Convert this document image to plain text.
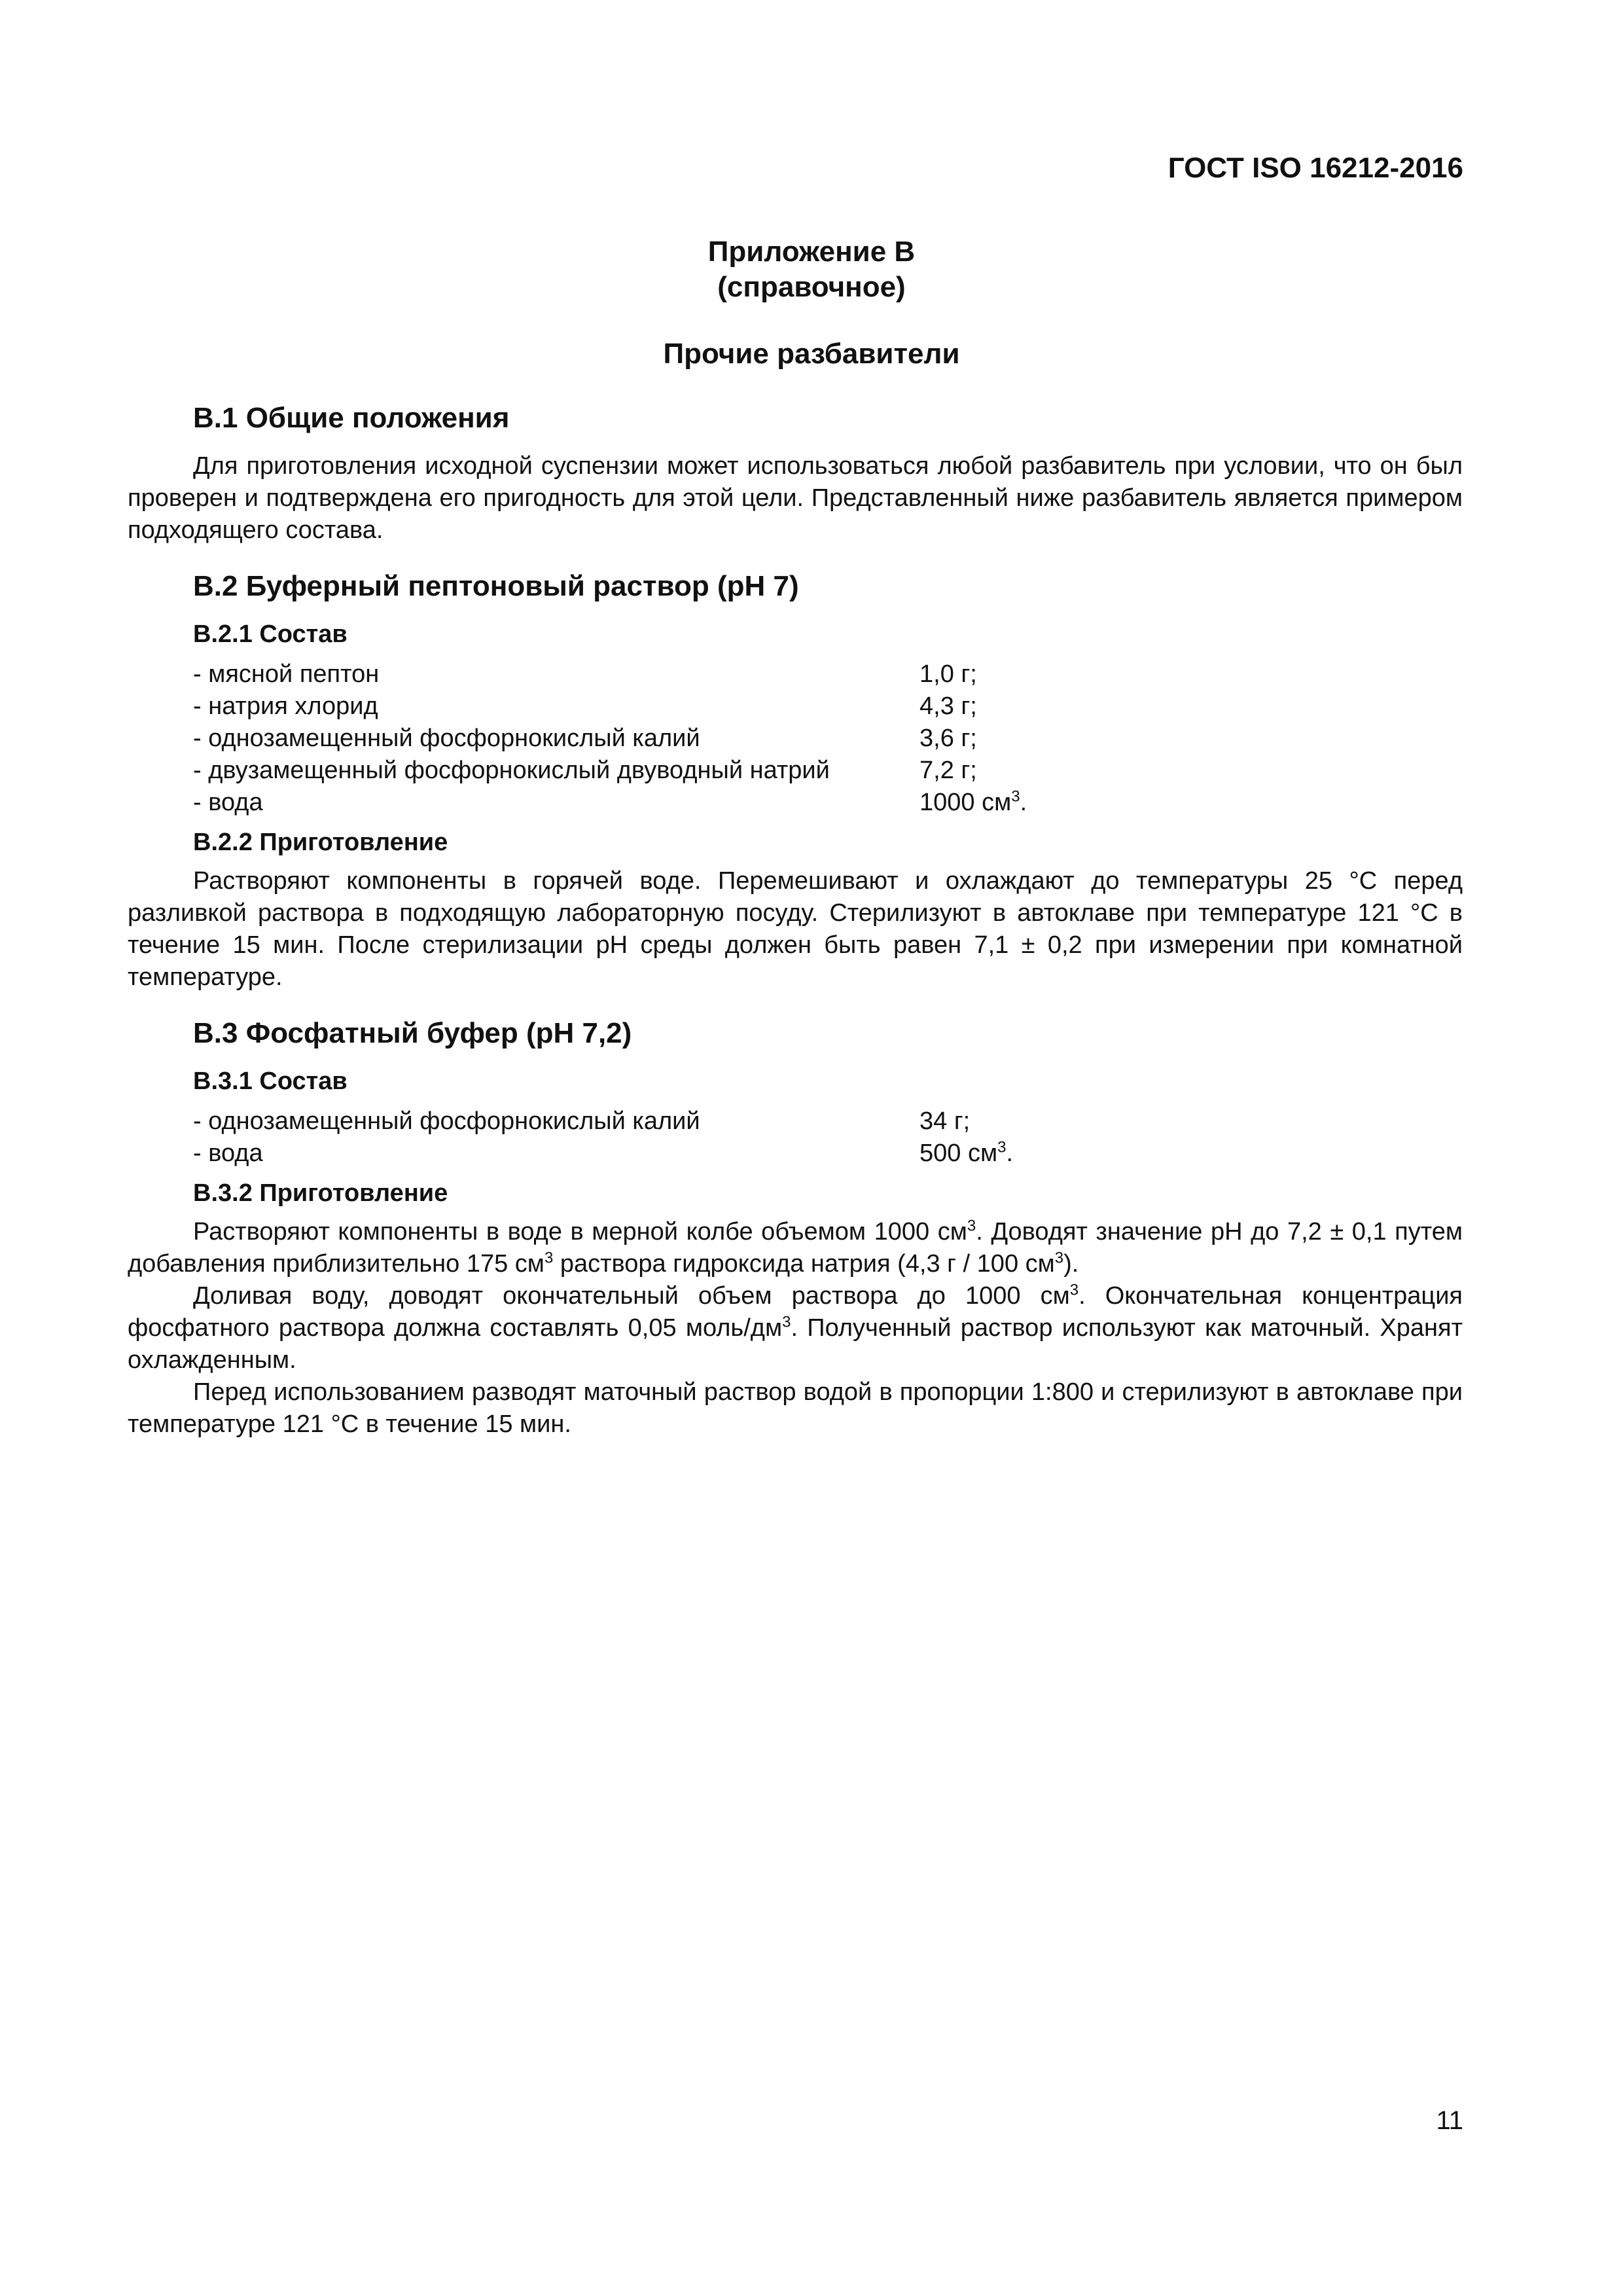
ГОСТ ISO 16212-2016
Приложение В
(справочное)
Прочие разбавители
В.1 Общие положения

Для приготовления исходной суспензии может использоваться любой разбавитель при условии, что он был проверен и подтверждена его пригодность для этой цели. Представленный ниже разбавитель является примером подходящего состава.

В.2 Буферный пептоновый раствор (рН 7)
В.2.1 Состав
- мясной пептон	1,0 г;
- натрия хлорид	4,3 г;
- однозамещенный фосфорнокислый калий	3,6 г;
- двузамещенный фосфорнокислый двуводный натрий	7,2 г;
- вода	1000 $см^3$.
В.2.2 Приготовление

Растворяют компоненты в горячей воде. Перемешивают и охлаждают до температуры 25 °С перед разливкой раствора в подходящую лабораторную посуду. Стерилизуют в автоклаве при температуре 121 °С в течение 15 мин. После стерилизации рН среды должен быть равен 7,1 ± 0,2 при измерении при комнатной температуре.

В.3 Фосфатный буфер (рН 7,2)
В.3.1 Состав
- однозамещенный фосфорнокислый калий	34 г;
- вода	500 $см^3$.
В.3.2 Приготовление

Растворяют компоненты в воде в мерной колбе объемом 1000 $см^3$. Доводят значение рН до 7,2 ± 0,1 путем добавления приблизительно 175 $см^3$ раствора гидроксида натрия (4,3 г / 100 $см^3$).

Доливая воду, доводят окончательный объем раствора до 1000 $см^3$. Окончательная концентрация фосфатного раствора должна составлять 0,05 моль/$дм^3$. Полученный раствор используют как маточный. Хранят охлажденным.

Перед использованием разводят маточный раствор водой в пропорции 1:800 и стерилизуют в автоклаве при температуре 121 °С в течение 15 мин.

11
